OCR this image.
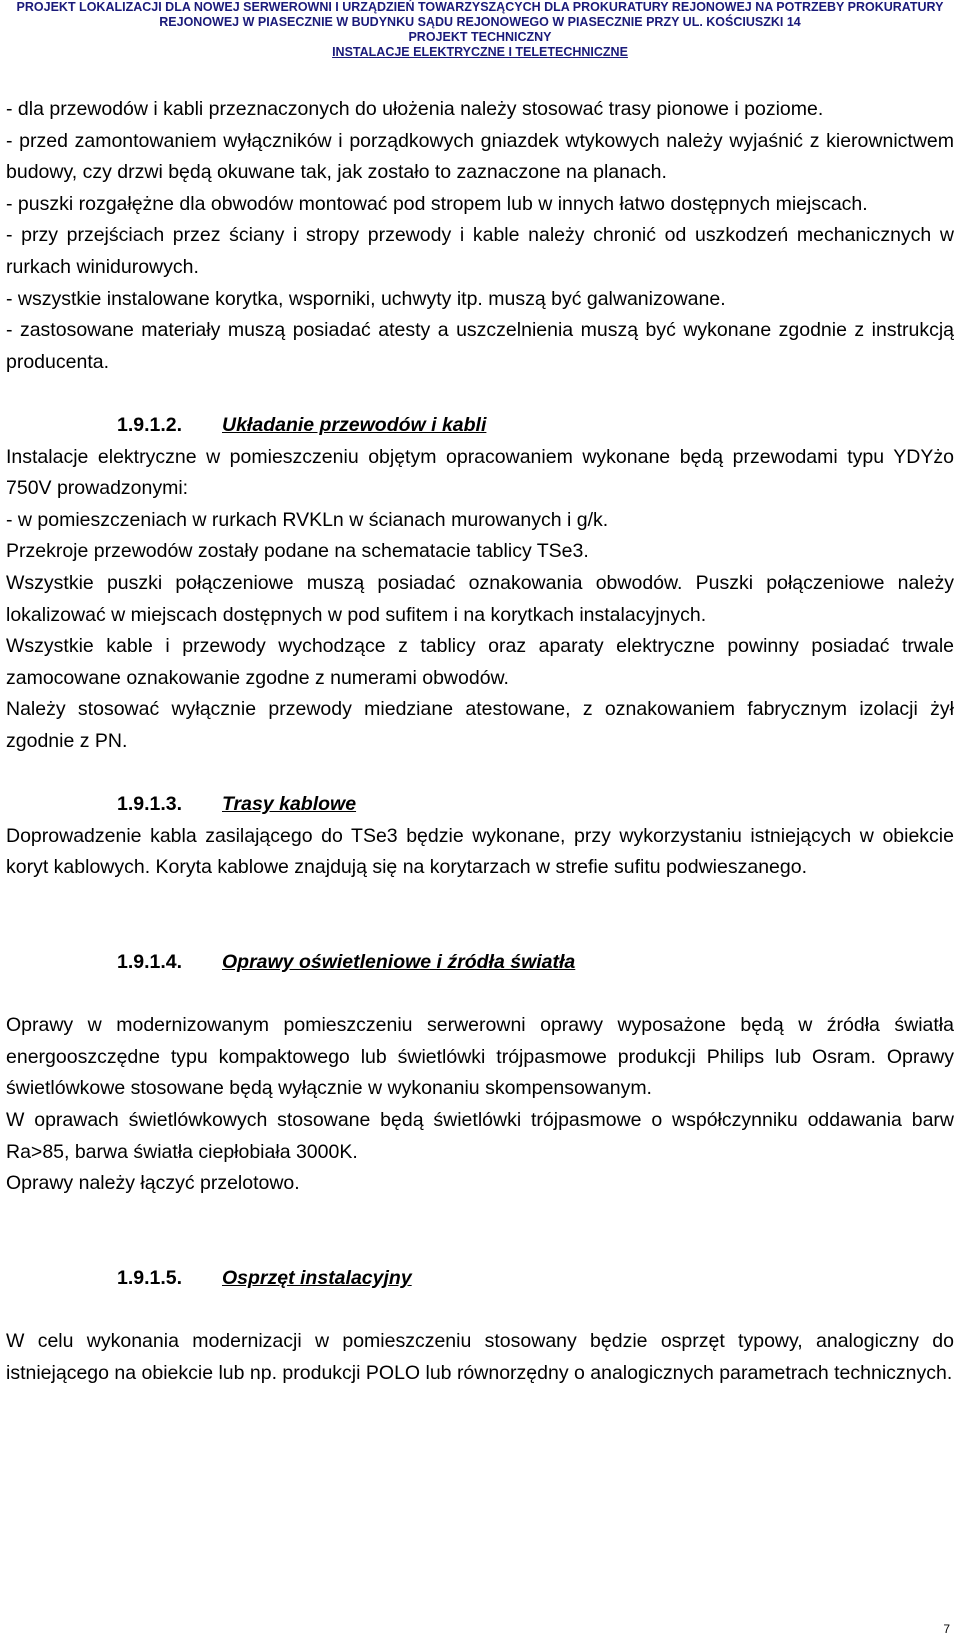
PROJEKT LOKALIZACJI DLA NOWEJ SERWEROWNI I URZĄDZIEŃ TOWARZYSZĄCYCH DLA PROKURATURY REJONOWEJ NA POTRZEBY PROKURATURY
REJONOWEJ W PIASECZNIE W BUDYNKU SĄDU REJONOWEGO W PIASECZNIE PRZY UL. KOŚCIUSZKI 14
PROJEKT TECHNICZNY
INSTALACJE ELEKTRYCZNE I TELETECHNICZNE

- dla przewodów i kabli przeznaczonych do ułożenia należy stosować trasy pionowe i poziome.

- przed zamontowaniem wyłączników i porządkowych gniazdek wtykowych należy wyjaśnić z kierownictwem budowy, czy drzwi będą okuwane tak, jak zostało to zaznaczone na planach.

- puszki rozgałężne dla obwodów montować pod stropem lub w innych łatwo dostępnych miejscach.

- przy przejściach przez ściany i stropy przewody i kable należy chronić od uszkodzeń mechanicznych w rurkach winidurowych.

- wszystkie instalowane korytka, wsporniki, uchwyty itp. muszą być galwanizowane.

- zastosowane materiały muszą posiadać atesty a uszczelnienia muszą być wykonane zgodnie z instrukcją producenta.

1.9.1.2. Układanie przewodów i kabli

Instalacje elektryczne w pomieszczeniu objętym opracowaniem wykonane będą przewodami typu YDYżo 750V prowadzonymi:

- w pomieszczeniach w rurkach RVKLn w ścianach murowanych i g/k.

Przekroje przewodów zostały podane na schematacie tablicy TSe3.

Wszystkie puszki połączeniowe muszą posiadać oznakowania obwodów. Puszki połączeniowe należy lokalizować w miejscach dostępnych w pod sufitem i na korytkach instalacyjnych.

Wszystkie kable i przewody wychodzące z tablicy oraz aparaty elektryczne powinny posiadać trwale zamocowane oznakowanie zgodne z numerami obwodów.

Należy stosować wyłącznie przewody miedziane atestowane, z oznakowaniem fabrycznym izolacji żył zgodnie z PN.

1.9.1.3. Trasy kablowe

Doprowadzenie kabla zasilającego do TSe3 będzie wykonane, przy wykorzystaniu istniejących w obiekcie koryt kablowych. Koryta kablowe znajdują się na korytarzach w strefie sufitu podwieszanego.

1.9.1.4. Oprawy oświetleniowe i źródła światła

Oprawy w modernizowanym pomieszczeniu serwerowni oprawy wyposażone będą w źródła światła energooszczędne typu kompaktowego lub świetlówki trójpasmowe produkcji Philips lub Osram. Oprawy świetlówkowe stosowane będą wyłącznie w wykonaniu skompensowanym.

W oprawach świetlówkowych stosowane będą świetlówki trójpasmowe o współczynniku oddawania barw Ra>85, barwa światła ciepłobiała 3000K.

Oprawy należy łączyć przelotowo.

1.9.1.5. Osprzęt instalacyjny

W celu wykonania modernizacji w pomieszczeniu stosowany będzie osprzęt typowy, analogiczny do istniejącego na obiekcie lub np. produkcji POLO lub równorzędny o analogicznych parametrach technicznych.

7
